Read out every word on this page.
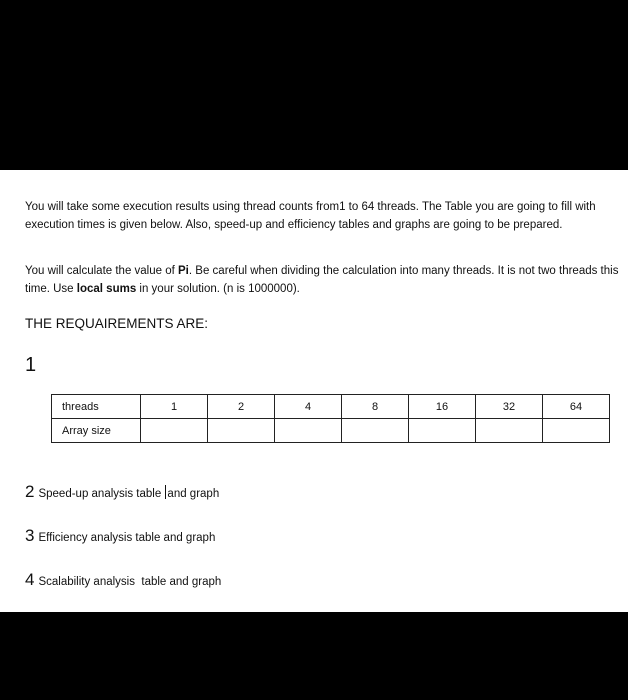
You will take some execution results using thread counts from1 to 64 threads. The Table you are going to fill with execution times is given below. Also, speed-up and efficiency tables and graphs are going to be prepared.
You will calculate the value of Pi. Be careful when dividing the calculation into many threads. It is not two threads this time. Use local sums in your solution. (n is 1000000).
THE REQUAIREMENTS ARE:
1
threads	1	2	4	8	16	32	64
Array size							
2 Speed-up analysis table and graph
3 Efficiency analysis table and graph
4 Scalability analysis  table and graph
